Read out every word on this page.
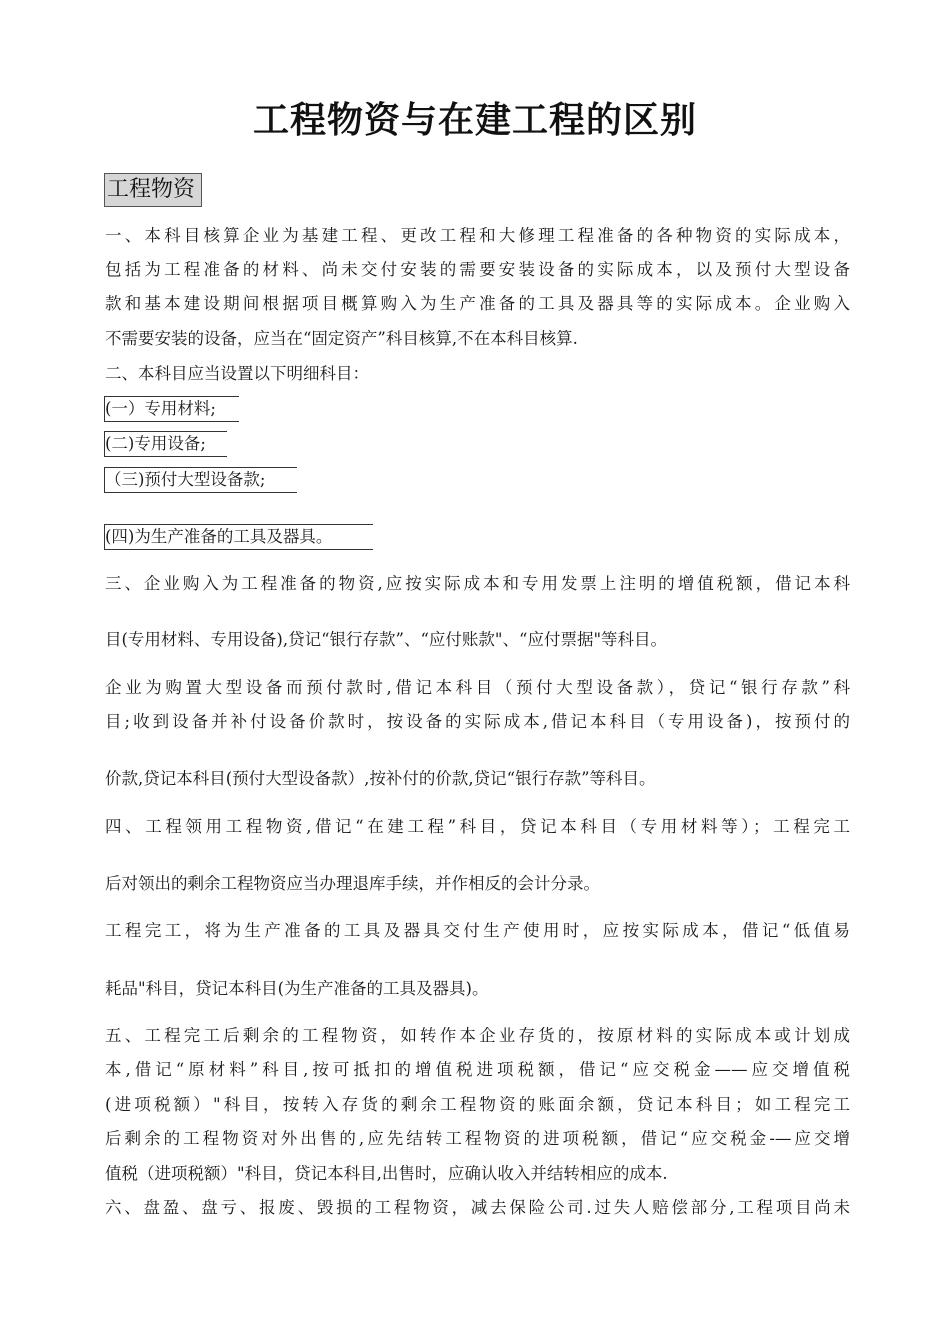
工程物资与在建工程的区别
工程物资
一、本科目核算企业为基建工程、更改工程和大修理工程准备的各种物资的实际成本，
包括为工程准备的材料、尚未交付安装的需要安装设备的实际成本，以及预付大型设备
款和基本建设期间根据项目概算购入为生产准备的工具及器具等的实际成本。企业购入
不需要安装的设备，应当在“固定资产”科目核算,不在本科目核算.
二、本科目应当设置以下明细科目：
(一）专用材料;
(二)专用设备;
（三)预付大型设备款;
(四)为生产准备的工具及器具。
三、企业购入为工程准备的物资,应按实际成本和专用发票上注明的增值税额，借记本科
目(专用材料、专用设备),贷记“银行存款”、“应付账款"、“应付票据"等科目。
企业为购置大型设备而预付款时,借记本科目（预付大型设备款），贷记“银行存款”科
目;收到设备并补付设备价款时，按设备的实际成本,借记本科目（专用设备)，按预付的
价款,贷记本科目(预付大型设备款）,按补付的价款,贷记“银行存款”等科目。
四、工程领用工程物资,借记“在建工程”科目，贷记本科目（专用材料等）；工程完工
后对领出的剩余工程物资应当办理退库手续，并作相反的会计分录。
工程完工，将为生产准备的工具及器具交付生产使用时，应按实际成本，借记“低值易
耗品"科目，贷记本科目(为生产准备的工具及器具)。
五、工程完工后剩余的工程物资，如转作本企业存货的，按原材料的实际成本或计划成
本,借记“原材料”科目,按可抵扣的增值税进项税额，借记“应交税金——应交增值税
(进项税额）"科目，按转入存货的剩余工程物资的账面余额，贷记本科目；如工程完工
后剩余的工程物资对外出售的,应先结转工程物资的进项税额，借记“应交税金-—应交增
值税（进项税额）"科目，贷记本科目,出售时，应确认收入并结转相应的成本.
六、盘盈、盘亏、报废、毁损的工程物资，减去保险公司.过失人赔偿部分,工程项目尚未
